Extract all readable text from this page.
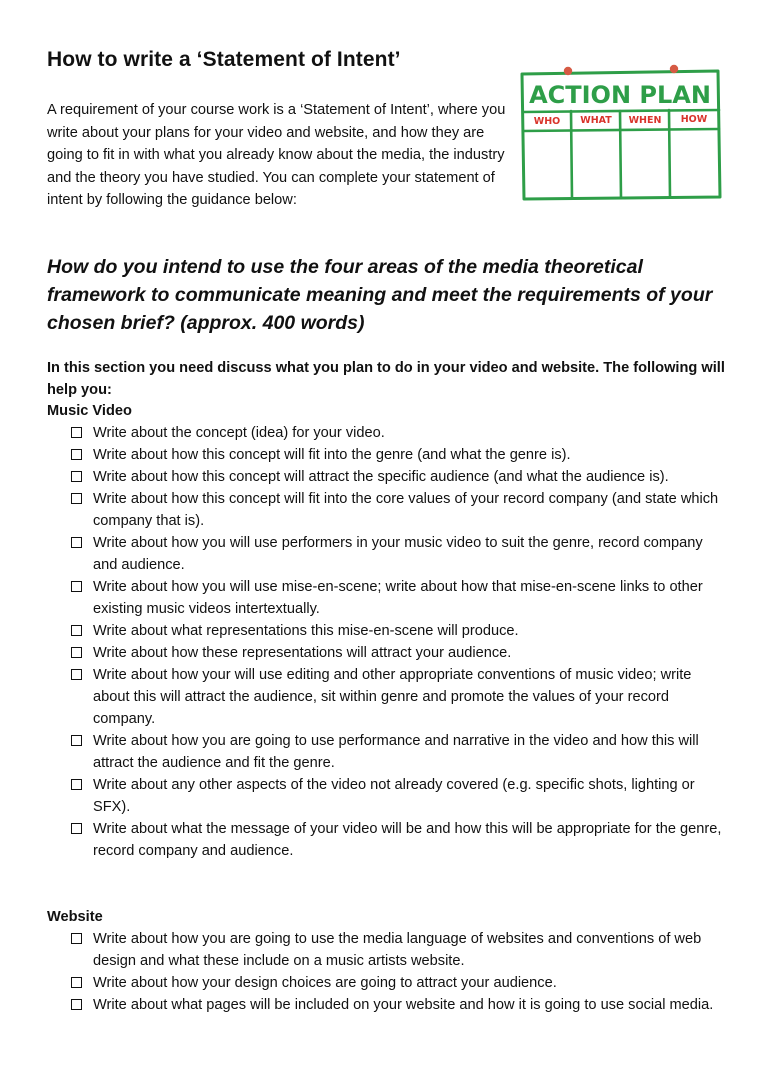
How to write a ‘Statement of Intent’

A requirement of your course work is a ‘Statement of Intent’, where you write about your plans for your video and website, and how they are going to fit in with what you already know about the media, the industry and the theory you have studied. You can complete your statement of intent by following the guidance below:

ACTION PLAN
WHO WHAT WHEN HOW
How do you intend to use the four areas of the media theoretical framework to communicate meaning and meet the requirements of your chosen brief? (approx. 400 words)

In this section you need discuss what you plan to do in your video and website. The following will help you:

Music Video
Write about the concept (idea) for your video.
Write about how this concept will fit into the genre (and what the genre is).
Write about how this concept will attract the specific audience (and what the audience is).
Write about how this concept will fit into the core values of your record company (and state which company that is).
Write about how you will use performers in your music video to suit the genre, record company and audience.
Write about how you will use mise-en-scene; write about how that mise-en-scene links to other existing music videos intertextually.
Write about what representations this mise-en-scene will produce.
Write about how these representations will attract your audience.
Write about how your will use editing and other appropriate conventions of music video; write about this will attract the audience, sit within genre and promote the values of your record company.
Write about how you are going to use performance and narrative in the video and how this will attract the audience and fit the genre.
Write about any other aspects of the video not already covered (e.g. specific shots, lighting or SFX).
Write about what the message of your video will be and how this will be appropriate for the genre, record company and audience.
Website
Write about how you are going to use the media language of websites and conventions of web design and what these include on a music artists website.
Write about how your design choices are going to attract your audience.
Write about what pages will be included on your website and how it is going to use social media.
